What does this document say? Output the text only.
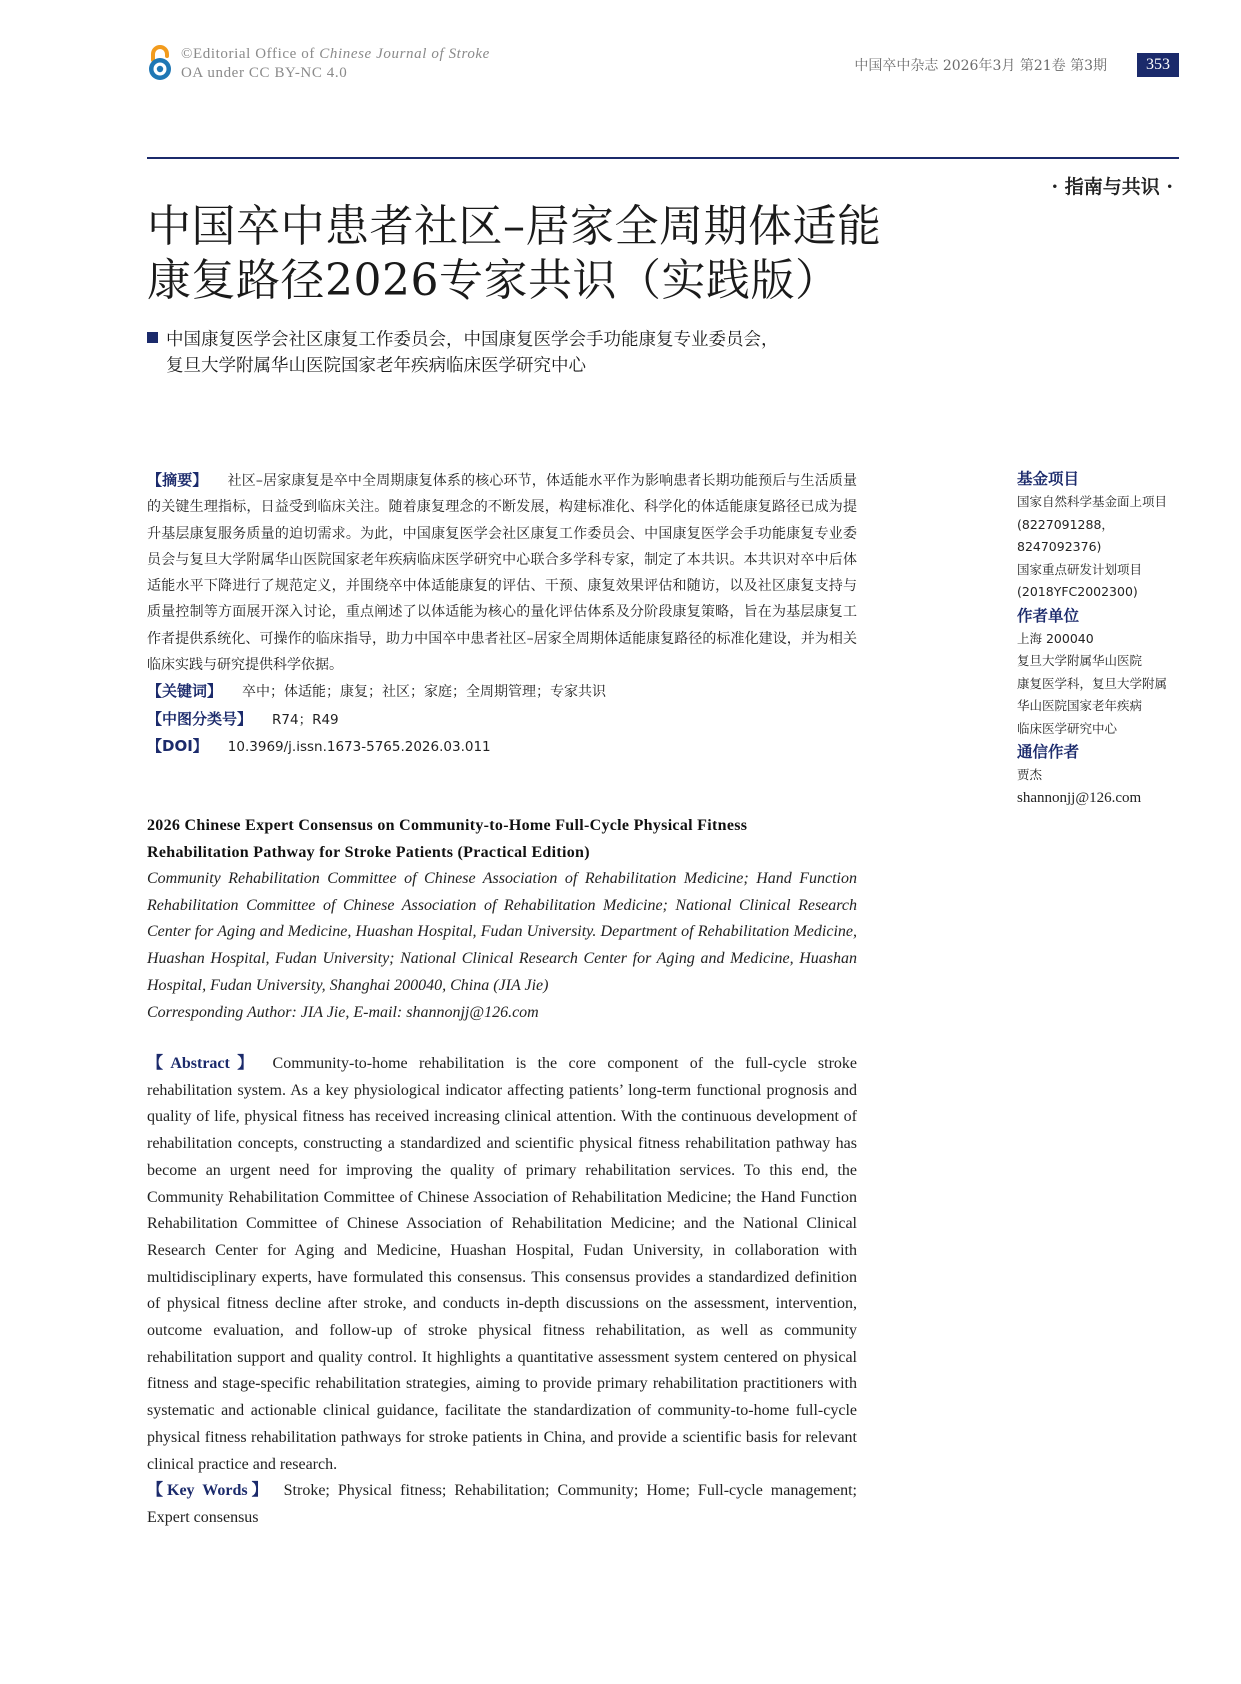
©Editorial Office of Chinese Journal of Stroke
OA under CC BY-NC 4.0	中国卒中杂志 2026年3月 第21卷 第3期	353
· 指南与共识 ·
中国卒中患者社区–居家全周期体适能
康复路径2026专家共识（实践版）
中国康复医学会社区康复工作委员会，中国康复医学会手功能康复专业委员会，
复旦大学附属华山医院国家老年疾病临床医学研究中心

【摘要】 社区–居家康复是卒中全周期康复体系的核心环节，体适能水平作为影响患者长期功能预后与生活质量的关键生理指标，日益受到临床关注。随着康复理念的不断发展，构建标准化、科学化的体适能康复路径已成为提升基层康复服务质量的迫切需求。为此，中国康复医学会社区康复工作委员会、中国康复医学会手功能康复专业委员会与复旦大学附属华山医院国家老年疾病临床医学研究中心联合多学科专家，制定了本共识。本共识对卒中后体适能水平下降进行了规范定义，并围绕卒中体适能康复的评估、干预、康复效果评估和随访，以及社区康复支持与质量控制等方面展开深入讨论，重点阐述了以体适能为核心的量化评估体系及分阶段康复策略，旨在为基层康复工作者提供系统化、可操作的临床指导，助力中国卒中患者社区–居家全周期体适能康复路径的标准化建设，并为相关临床实践与研究提供科学依据。

【关键词】 卒中；体适能；康复；社区；家庭；全周期管理；专家共识

【中图分类号】 R74；R49

【DOI】 10.3969/j.issn.1673-5765.2026.03.011

基金项目
国家自然科学基金面上项目
(8227091288，8247092376)
国家重点研发计划项目
(2018YFC2002300)
作者单位
上海 200040
复旦大学附属华山医院
康复医学科，复旦大学附属
华山医院国家老年疾病
临床医学研究中心
通信作者
贾杰
shannonjj@126.com
2026 Chinese Expert Consensus on Community-to-Home Full-Cycle Physical Fitness
Rehabilitation Pathway for Stroke Patients (Practical Edition)

Community Rehabilitation Committee of Chinese Association of Rehabilitation Medicine; Hand Function Rehabilitation Committee of Chinese Association of Rehabilitation Medicine; National Clinical Research Center for Aging and Medicine, Huashan Hospital, Fudan University. Department of Rehabilitation Medicine, Huashan Hospital, Fudan University; National Clinical Research Center for Aging and Medicine, Huashan Hospital, Fudan University, Shanghai 200040, China (JIA Jie)

Corresponding Author: JIA Jie, E-mail: shannonjj@126.com

【Abstract】 Community-to-home rehabilitation is the core component of the full-cycle stroke rehabilitation system. As a key physiological indicator affecting patients’ long-term functional prognosis and quality of life, physical fitness has received increasing clinical attention. With the continuous development of rehabilitation concepts, constructing a standardized and scientific physical fitness rehabilitation pathway has become an urgent need for improving the quality of primary rehabilitation services. To this end, the Community Rehabilitation Committee of Chinese Association of Rehabilitation Medicine; the Hand Function Rehabilitation Committee of Chinese Association of Rehabilitation Medicine; and the National Clinical Research Center for Aging and Medicine, Huashan Hospital, Fudan University, in collaboration with multidisciplinary experts, have formulated this consensus. This consensus provides a standardized definition of physical fitness decline after stroke, and conducts in-depth discussions on the assessment, intervention, outcome evaluation, and follow-up of stroke physical fitness rehabilitation, as well as community rehabilitation support and quality control. It highlights a quantitative assessment system centered on physical fitness and stage-specific rehabilitation strategies, aiming to provide primary rehabilitation practitioners with systematic and actionable clinical guidance, facilitate the standardization of community-to-home full-cycle physical fitness rehabilitation pathways for stroke patients in China, and provide a scientific basis for relevant clinical practice and research.

【Key Words】 Stroke; Physical fitness; Rehabilitation; Community; Home; Full-cycle management; Expert consensus
